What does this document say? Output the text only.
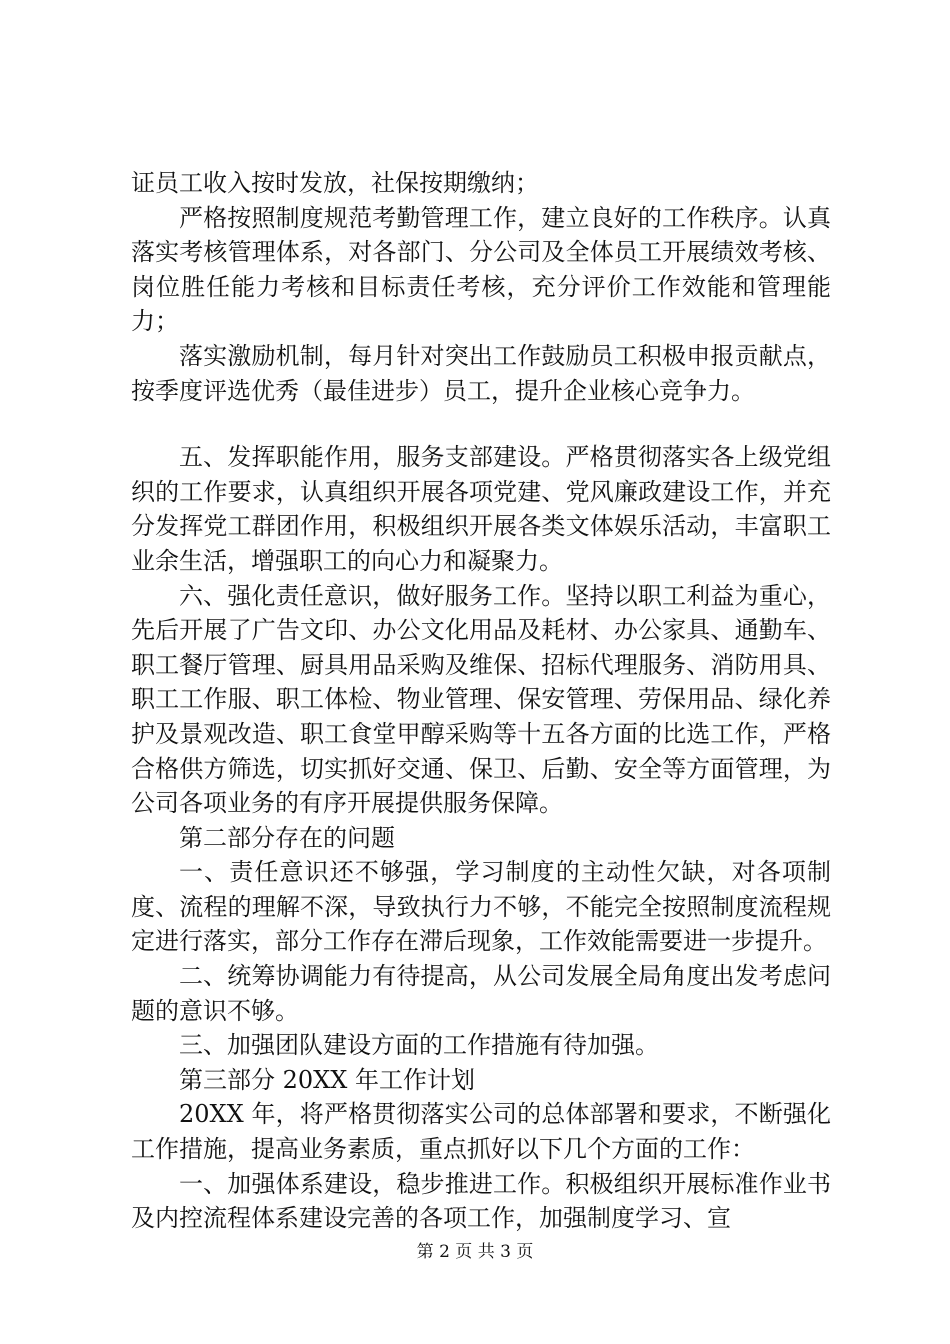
证员工收入按时发放，社保按期缴纳；

严格按照制度规范考勤管理工作，建立良好的工作秩序。认真落实考核管理体系，对各部门、分公司及全体员工开展绩效考核、岗位胜任能力考核和目标责任考核，充分评价工作效能和管理能力；

落实激励机制，每月针对突出工作鼓励员工积极申报贡献点，按季度评选优秀（最佳进步）员工，提升企业核心竞争力。

五、发挥职能作用，服务支部建设。严格贯彻落实各上级党组织的工作要求，认真组织开展各项党建、党风廉政建设工作，并充分发挥党工群团作用，积极组织开展各类文体娱乐活动，丰富职工业余生活，增强职工的向心力和凝聚力。

六、强化责任意识，做好服务工作。坚持以职工利益为重心，先后开展了广告文印、办公文化用品及耗材、办公家具、通勤车、职工餐厅管理、厨具用品采购及维保、招标代理服务、消防用具、职工工作服、职工体检、物业管理、保安管理、劳保用品、绿化养护及景观改造、职工食堂甲醇采购等十五各方面的比选工作，严格合格供方筛选，切实抓好交通、保卫、后勤、安全等方面管理，为公司各项业务的有序开展提供服务保障。

第二部分存在的问题

一、责任意识还不够强，学习制度的主动性欠缺，对各项制度、流程的理解不深，导致执行力不够，不能完全按照制度流程规定进行落实，部分工作存在滞后现象，工作效能需要进一步提升。

二、统筹协调能力有待提高，从公司发展全局角度出发考虑问题的意识不够。

三、加强团队建设方面的工作措施有待加强。

第三部分 20XX 年工作计划

20XX 年，将严格贯彻落实公司的总体部署和要求，不断强化工作措施，提高业务素质，重点抓好以下几个方面的工作：

一、加强体系建设，稳步推进工作。积极组织开展标准作业书及内控流程体系建设完善的各项工作，加强制度学习、宣

第 2 页 共 3 页
